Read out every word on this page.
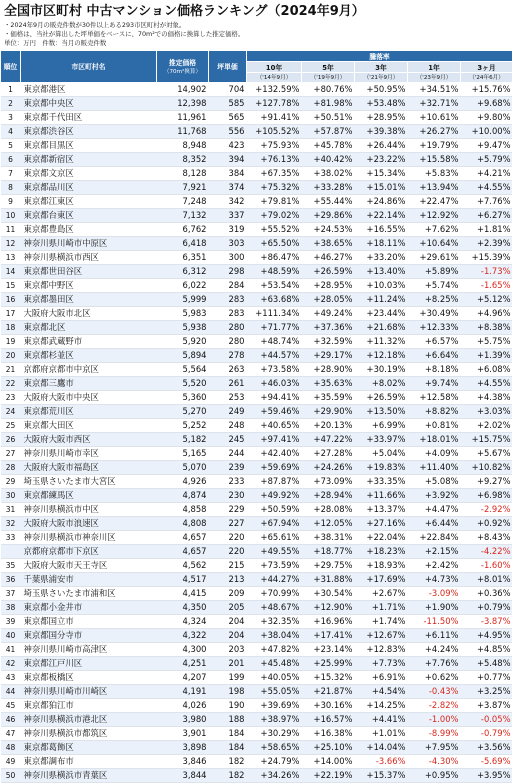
全国市区町村 中古マンション価格ランキング（2024年9月）
・2024年9月の販売件数が30件以上ある293市区町村が対象。
・価格は、当社が算出した坪単価をベースに、70m²での価格に換算した推定価格。
単位：万円　件数：当月の販売件数
順位	市区町村名	推定価格
（70m²換算）	坪単価	騰落率				
				10年	5年	3年	1年	3ヶ月
				（'14年9月）	（'19年9月）	（'21年9月）	（'23年9月）	（'24年6月）
1	東京都港区	14,902	704	+132.59%	+80.76%	+50.95%	+34.51%	+15.76%
2	東京都中央区	12,398	585	+127.78%	+81.98%	+53.48%	+32.71%	+9.68%
3	東京都千代田区	11,961	565	+91.41%	+50.51%	+28.95%	+10.61%	+9.80%
4	東京都渋谷区	11,768	556	+105.52%	+57.87%	+39.38%	+26.27%	+10.00%
5	東京都目黒区	8,948	423	+75.93%	+45.78%	+26.44%	+19.79%	+9.47%
6	東京都新宿区	8,352	394	+76.13%	+40.42%	+23.22%	+15.58%	+5.79%
7	東京都文京区	8,128	384	+67.35%	+38.02%	+15.34%	+5.83%	+4.21%
8	東京都品川区	7,921	374	+75.32%	+33.28%	+15.01%	+13.94%	+4.55%
9	東京都江東区	7,248	342	+79.81%	+55.44%	+24.86%	+22.47%	+7.76%
10	東京都台東区	7,132	337	+79.02%	+29.86%	+22.14%	+12.92%	+6.27%
11	東京都豊島区	6,762	319	+55.52%	+24.53%	+16.55%	+7.62%	+1.81%
12	神奈川県川崎市中原区	6,418	303	+65.50%	+38.65%	+18.11%	+10.64%	+2.39%
13	神奈川県横浜市西区	6,351	300	+86.47%	+46.27%	+33.20%	+29.61%	+15.39%
14	東京都世田谷区	6,312	298	+48.59%	+26.59%	+13.40%	+5.89%	-1.73%
15	東京都中野区	6,022	284	+53.54%	+28.95%	+10.03%	+5.74%	-1.65%
16	東京都墨田区	5,999	283	+63.68%	+28.05%	+11.24%	+8.25%	+5.12%
17	大阪府大阪市北区	5,983	283	+111.34%	+49.24%	+23.44%	+30.49%	+4.96%
18	東京都北区	5,938	280	+71.77%	+37.36%	+21.68%	+12.33%	+8.38%
19	東京都武蔵野市	5,920	280	+48.74%	+32.59%	+11.32%	+6.57%	+5.75%
20	東京都杉並区	5,894	278	+44.57%	+29.17%	+12.18%	+6.64%	+1.39%
21	京都府京都市中京区	5,564	263	+73.58%	+28.90%	+30.19%	+8.18%	+6.08%
22	東京都三鷹市	5,520	261	+46.03%	+35.63%	+8.02%	+9.74%	+4.55%
23	大阪府大阪市中央区	5,360	253	+94.41%	+35.59%	+26.59%	+12.58%	+4.38%
24	東京都荒川区	5,270	249	+59.46%	+29.90%	+13.50%	+8.82%	+3.03%
25	東京都大田区	5,252	248	+40.65%	+20.13%	+6.99%	+0.81%	+2.02%
26	大阪府大阪市西区	5,182	245	+97.41%	+47.22%	+33.97%	+18.01%	+15.75%
27	神奈川県川崎市幸区	5,165	244	+42.40%	+27.28%	+5.04%	+4.09%	+5.67%
28	大阪府大阪市福島区	5,070	239	+59.69%	+24.26%	+19.83%	+11.40%	+10.82%
29	埼玉県さいたま市大宮区	4,926	233	+87.87%	+73.09%	+33.35%	+5.08%	+9.27%
30	東京都練馬区	4,874	230	+49.92%	+28.94%	+11.66%	+3.92%	+6.98%
31	神奈川県横浜市中区	4,858	229	+50.59%	+28.08%	+13.37%	+4.47%	-2.92%
32	大阪府大阪市浪速区	4,808	227	+67.94%	+12.05%	+27.16%	+6.44%	+0.92%
33	神奈川県横浜市神奈川区	4,657	220	+65.61%	+38.31%	+22.04%	+22.84%	+8.43%
	京都府京都市下京区	4,657	220	+49.55%	+18.77%	+18.23%	+2.15%	-4.22%
35	大阪府大阪市天王寺区	4,562	215	+73.59%	+29.75%	+18.93%	+2.42%	-1.60%
36	千葉県浦安市	4,517	213	+44.27%	+31.88%	+17.69%	+4.73%	+8.01%
37	埼玉県さいたま市浦和区	4,415	209	+70.99%	+30.54%	+2.67%	-3.09%	+0.36%
38	東京都小金井市	4,350	205	+48.67%	+12.90%	+1.71%	+1.90%	+0.79%
39	東京都国立市	4,324	204	+32.35%	+16.96%	+1.74%	-11.50%	-3.87%
40	東京都国分寺市	4,322	204	+38.04%	+17.41%	+12.67%	+6.11%	+4.95%
41	神奈川県川崎市高津区	4,300	203	+47.82%	+23.14%	+12.83%	+4.24%	+4.85%
42	東京都江戸川区	4,251	201	+45.48%	+25.99%	+7.73%	+7.76%	+5.48%
43	東京都板橋区	4,207	199	+40.05%	+15.32%	+6.91%	+0.62%	+0.77%
44	神奈川県川崎市川崎区	4,191	198	+55.05%	+21.87%	+4.54%	-0.43%	+3.25%
45	東京都狛江市	4,026	190	+39.69%	+30.16%	+14.25%	-2.82%	+3.87%
46	神奈川県横浜市港北区	3,980	188	+38.97%	+16.57%	+4.41%	-1.00%	-0.05%
47	神奈川県横浜市都筑区	3,901	184	+30.29%	+16.38%	+1.01%	-8.99%	-0.79%
48	東京都葛飾区	3,898	184	+58.65%	+25.10%	+14.04%	+7.95%	+3.56%
49	東京都調布市	3,846	182	+24.79%	+14.00%	-3.66%	-4.30%	-5.69%
50	神奈川県横浜市青葉区	3,844	182	+34.26%	+22.19%	+15.37%	+0.95%	+3.95%
